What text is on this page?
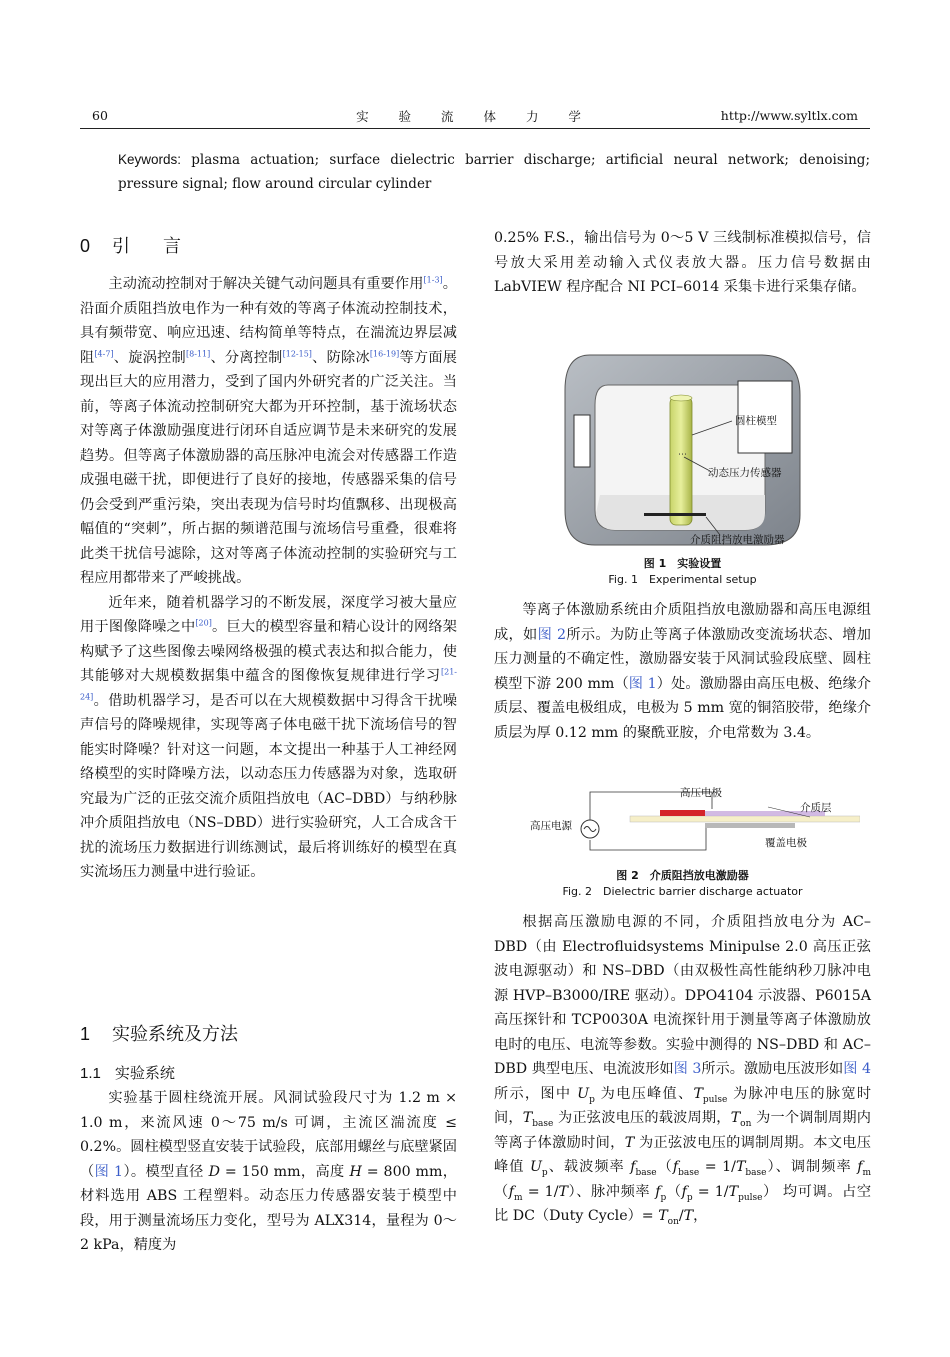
60	实 验 流 体 力 学	http://www.syltlx.com
Keywords: plasma actuation; surface dielectric barrier discharge; artificial neural network; denoising; pressure signal; flow around circular cylinder
0 引 言

主动流动控制对于解决关键气动问题具有重要作用[1-3]。沿面介质阻挡放电作为一种有效的等离子体流动控制技术，具有频带宽、响应迅速、结构简单等特点，在湍流边界层减阻[4-7]、旋涡控制[8-11]、分离控制[12-15]、防除冰[16-19]等方面展现出巨大的应用潜力，受到了国内外研究者的广泛关注。当前，等离子体流动控制研究大都为开环控制，基于流场状态对等离子体激励强度进行闭环自适应调节是未来研究的发展趋势。但等离子体激励器的高压脉冲电流会对传感器工作造成强电磁干扰，即便进行了良好的接地，传感器采集的信号仍会受到严重污染，突出表现为信号时均值飘移、出现极高幅值的“突刺”，所占据的频谱范围与流场信号重叠，很难将此类干扰信号滤除，这对等离子体流动控制的实验研究与工程应用都带来了严峻挑战。

近年来，随着机器学习的不断发展，深度学习被大量应用于图像降噪之中[20]。巨大的模型容量和精心设计的网络架构赋予了这些图像去噪网络极强的模式表达和拟合能力，使其能够对大规模数据集中蕴含的图像恢复规律进行学习[21-24]。借助机器学习，是否可以在大规模数据中习得含干扰噪声信号的降噪规律，实现等离子体电磁干扰下流场信号的智能实时降噪？针对这一问题，本文提出一种基于人工神经网络模型的实时降噪方法，以动态压力传感器为对象，选取研究最为广泛的正弦交流介质阻挡放电（AC–DBD）与纳秒脉冲介质阻挡放电（NS–DBD）进行实验研究，人工合成含干扰的流场压力数据进行训练测试，最后将训练好的模型在真实流场压力测量中进行验证。

1 实验系统及方法
1.1 实验系统

实验基于圆柱绕流开展。风洞试验段尺寸为 1.2 m × 1.0 m，来流风速 0～75 m/s 可调，主流区湍流度 ≤ 0.2%。圆柱模型竖直安装于试验段，底部用螺丝与底壁紧固（图 1）。模型直径 D = 150 mm，高度 H = 800 mm，材料选用 ABS 工程塑料。动态压力传感器安装于模型中段，用于测量流场压力变化，型号为 ALX314，量程为 0～2 kPa，精度为

0.25% F.S.，输出信号为 0～5 V 三线制标准模拟信号，信号放大采用差动输入式仪表放大器。压力信号数据由 LabVIEW 程序配合 NI PCI–6014 采集卡进行采集存储。

⋯
圆柱模型
动态压力传感器
介质阻挡放电激励器
图 1　实验设置
Fig. 1　Experimental setup

等离子体激励系统由介质阻挡放电激励器和高压电源组成，如图 2所示。为防止等离子体激励改变流场状态、增加压力测量的不确定性，激励器安装于风洞试验段底壁、圆柱模型下游 200 mm（图 1）处。激励器由高压电极、绝缘介质层、覆盖电极组成，电极为 5 mm 宽的铜箔胶带，绝缘介质层为厚 0.12 mm 的聚酰亚胺，介电常数为 3.4。

高压电极
介质层
高压电源
覆盖电极
图 2　介质阻挡放电激励器
Fig. 2　Dielectric barrier discharge actuator

根据高压激励电源的不同，介质阻挡放电分为 AC–DBD（由 Electrofluidsystems Minipulse 2.0 高压正弦波电源驱动）和 NS–DBD（由双极性高性能纳秒刀脉冲电源 HVP–B3000/IRE 驱动）。DPO4104 示波器、P6015A 高压探针和 TCP0030A 电流探针用于测量等离子体激励放电时的电压、电流等参数。实验中测得的 NS–DBD 和 AC–DBD 典型电压、电流波形如图 3所示。激励电压波形如图 4所示，图中 $U_p$ 为电压峰值、$T_{pulse}$ 为脉冲电压的脉宽时间，$T_{base}$ 为正弦波电压的载波周期，$T_{on}$ 为一个调制周期内等离子体激励时间，T 为正弦波电压的调制周期。本文电压峰值 $U_p$、载波频率 $f_{base}(f_{base} = 1/T_{base})$、调制频率 $f_m(f_m = 1/T)$、脉冲频率 $f_p(f_p = 1/T_{pulse})$ 均可调。占空比 DC（Duty Cycle）= $T_{on}/T$，
